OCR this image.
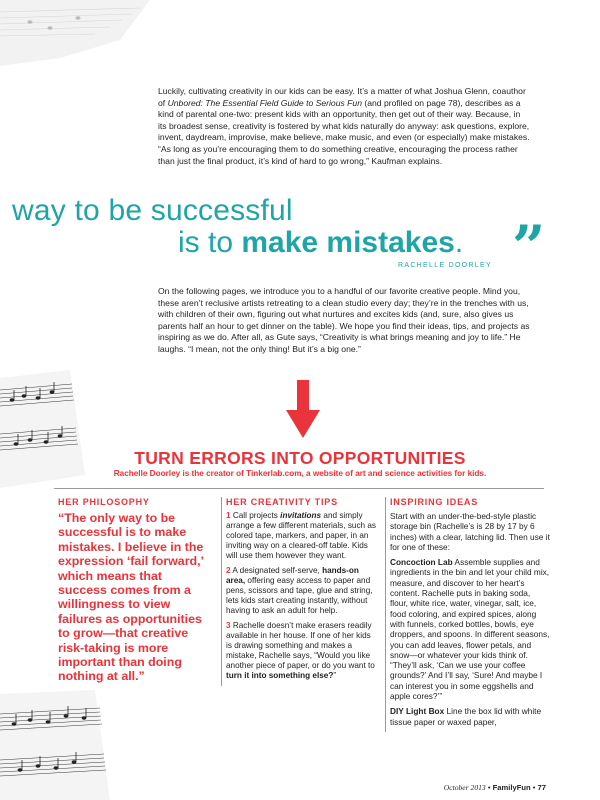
Luckily, cultivating creativity in our kids can be easy. It’s a matter of what Joshua Glenn, coauthor of Unbored: The Essential Field Guide to Serious Fun (and profiled on page 78), describes as a kind of parental one-two: present kids with an opportunity, then get out of their way. Because, in its broadest sense, creativity is fostered by what kids naturally do anyway: ask questions, explore, invent, daydream, improvise, make believe, make music, and even (or especially) make mistakes. “As long as you’re encouraging them to do something creative, encouraging the process rather than just the final product, it’s kind of hard to go wrong,” Kaufman explains.

way to be successful
is to make mistakes. ”
RACHELLE DOORLEY

On the following pages, we introduce you to a handful of our favorite creative people. Mind you, these aren’t reclusive artists retreating to a clean studio every day; they’re in the trenches with us, with children of their own, figuring out what nurtures and excites kids (and, sure, also gives us parents half an hour to get dinner on the table). We hope you find their ideas, tips, and projects as inspiring as we do. After all, as Gute says, “Creativity is what brings meaning and joy to life.” He laughs. “I mean, not the only thing! But it’s a big one.”

TURN ERRORS INTO OPPORTUNITIES
Rachelle Doorley is the creator of Tinkerlab.com, a website of art and science activities for kids.
HER PHILOSOPHY

“The only way to be successful is to make mistakes. I believe in the expression ‘fail forward,’ which means that success comes from a willingness to view failures as opportunities to grow—that creative risk-taking is more important than doing nothing at all.”

HER CREATIVITY TIPS

1 Call projects invitations and simply arrange a few different materials, such as colored tape, markers, and paper, in an inviting way on a cleared-off table. Kids will use them however they want.

2 A designated self-serve, hands-on area, offering easy access to paper and pens, scissors and tape, glue and string, lets kids start creating instantly, without having to ask an adult for help.

3 Rachelle doesn’t make erasers readily available in her house. If one of her kids is drawing something and makes a mistake, Rachelle says, “Would you like another piece of paper, or do you want to turn it into something else?”

INSPIRING IDEAS

Start with an under-the-bed-style plastic storage bin (Rachelle’s is 28 by 17 by 6 inches) with a clear, latching lid. Then use it for one of these:

Concoction Lab Assemble supplies and ingredients in the bin and let your child mix, measure, and discover to her heart’s content. Rachelle puts in baking soda, flour, white rice, water, vinegar, salt, ice, food coloring, and expired spices, along with funnels, corked bottles, bowls, eye droppers, and spoons. In different seasons, you can add leaves, flower petals, and snow—or whatever your kids think of. “They’ll ask, ‘Can we use your coffee grounds?’ And I’ll say, ‘Sure! And maybe I can interest you in some eggshells and apple cores?’”

DIY Light Box Line the box lid with white tissue paper or waxed paper,

October 2013 • FamilyFun • 77
